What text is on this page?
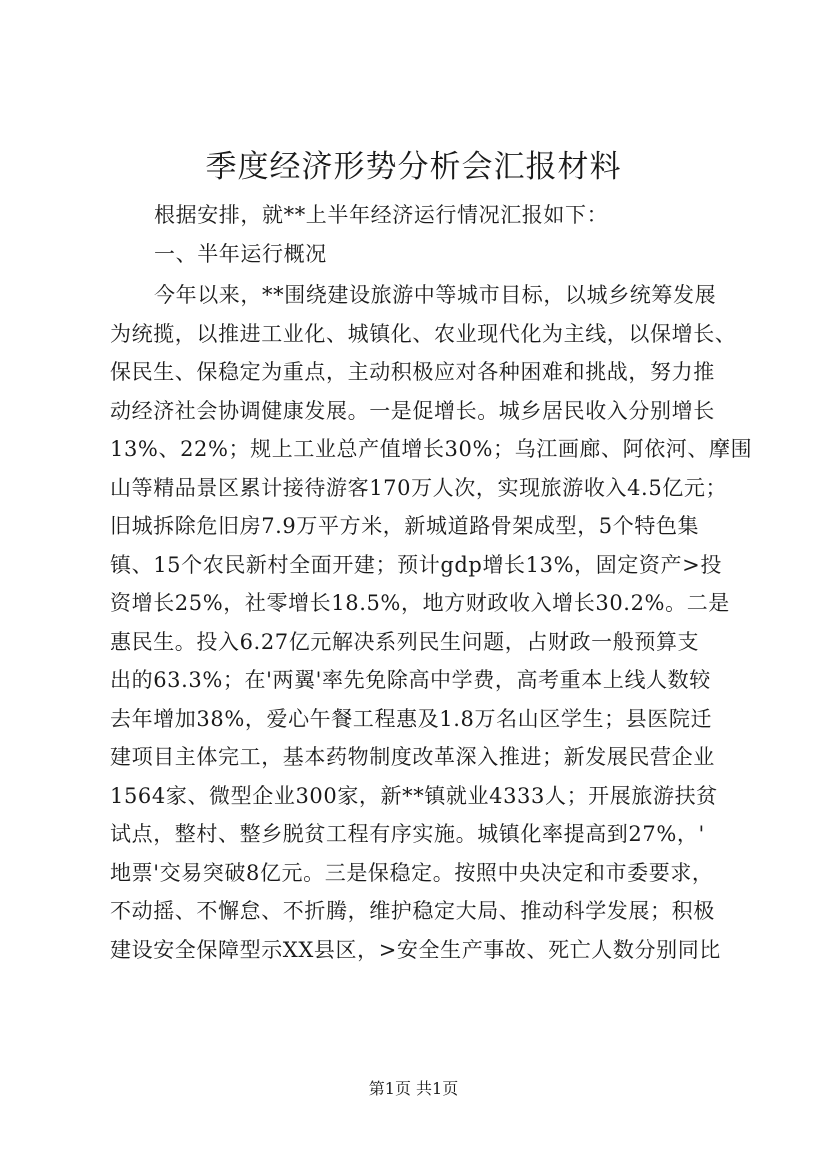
季度经济形势分析会汇报材料
根据安排，就**上半年经济运行情况汇报如下：
一、半年运行概况
今年以来，**围绕建设旅游中等城市目标，以城乡统筹发展
为统揽，以推进工业化、城镇化、农业现代化为主线，以保增长、
保民生、保稳定为重点，主动积极应对各种困难和挑战，努力推
动经济社会协调健康发展。一是促增长。城乡居民收入分别增长
13%、22%；规上工业总产值增长30%；乌江画廊、阿依河、摩围
山等精品景区累计接待游客170万人次，实现旅游收入4.5亿元；
旧城拆除危旧房7.9万平方米，新城道路骨架成型，5个特色集
镇、15个农民新村全面开建；预计gdp增长13%，固定资产>投
资增长25%，社零增长18.5%，地方财政收入增长30.2%。二是
惠民生。投入6.27亿元解决系列民生问题，占财政一般预算支
出的63.3%；在'两翼'率先免除高中学费，高考重本上线人数较
去年增加38%，爱心午餐工程惠及1.8万名山区学生；县医院迁
建项目主体完工，基本药物制度改革深入推进；新发展民营企业
1564家、微型企业300家，新**镇就业4333人；开展旅游扶贫
试点，整村、整乡脱贫工程有序实施。城镇化率提高到27%，'
地票'交易突破8亿元。三是保稳定。按照中央决定和市委要求，
不动摇、不懈怠、不折腾，维护稳定大局、推动科学发展；积极
建设安全保障型示XX县区，>安全生产事故、死亡人数分别同比
第1页 共1页
